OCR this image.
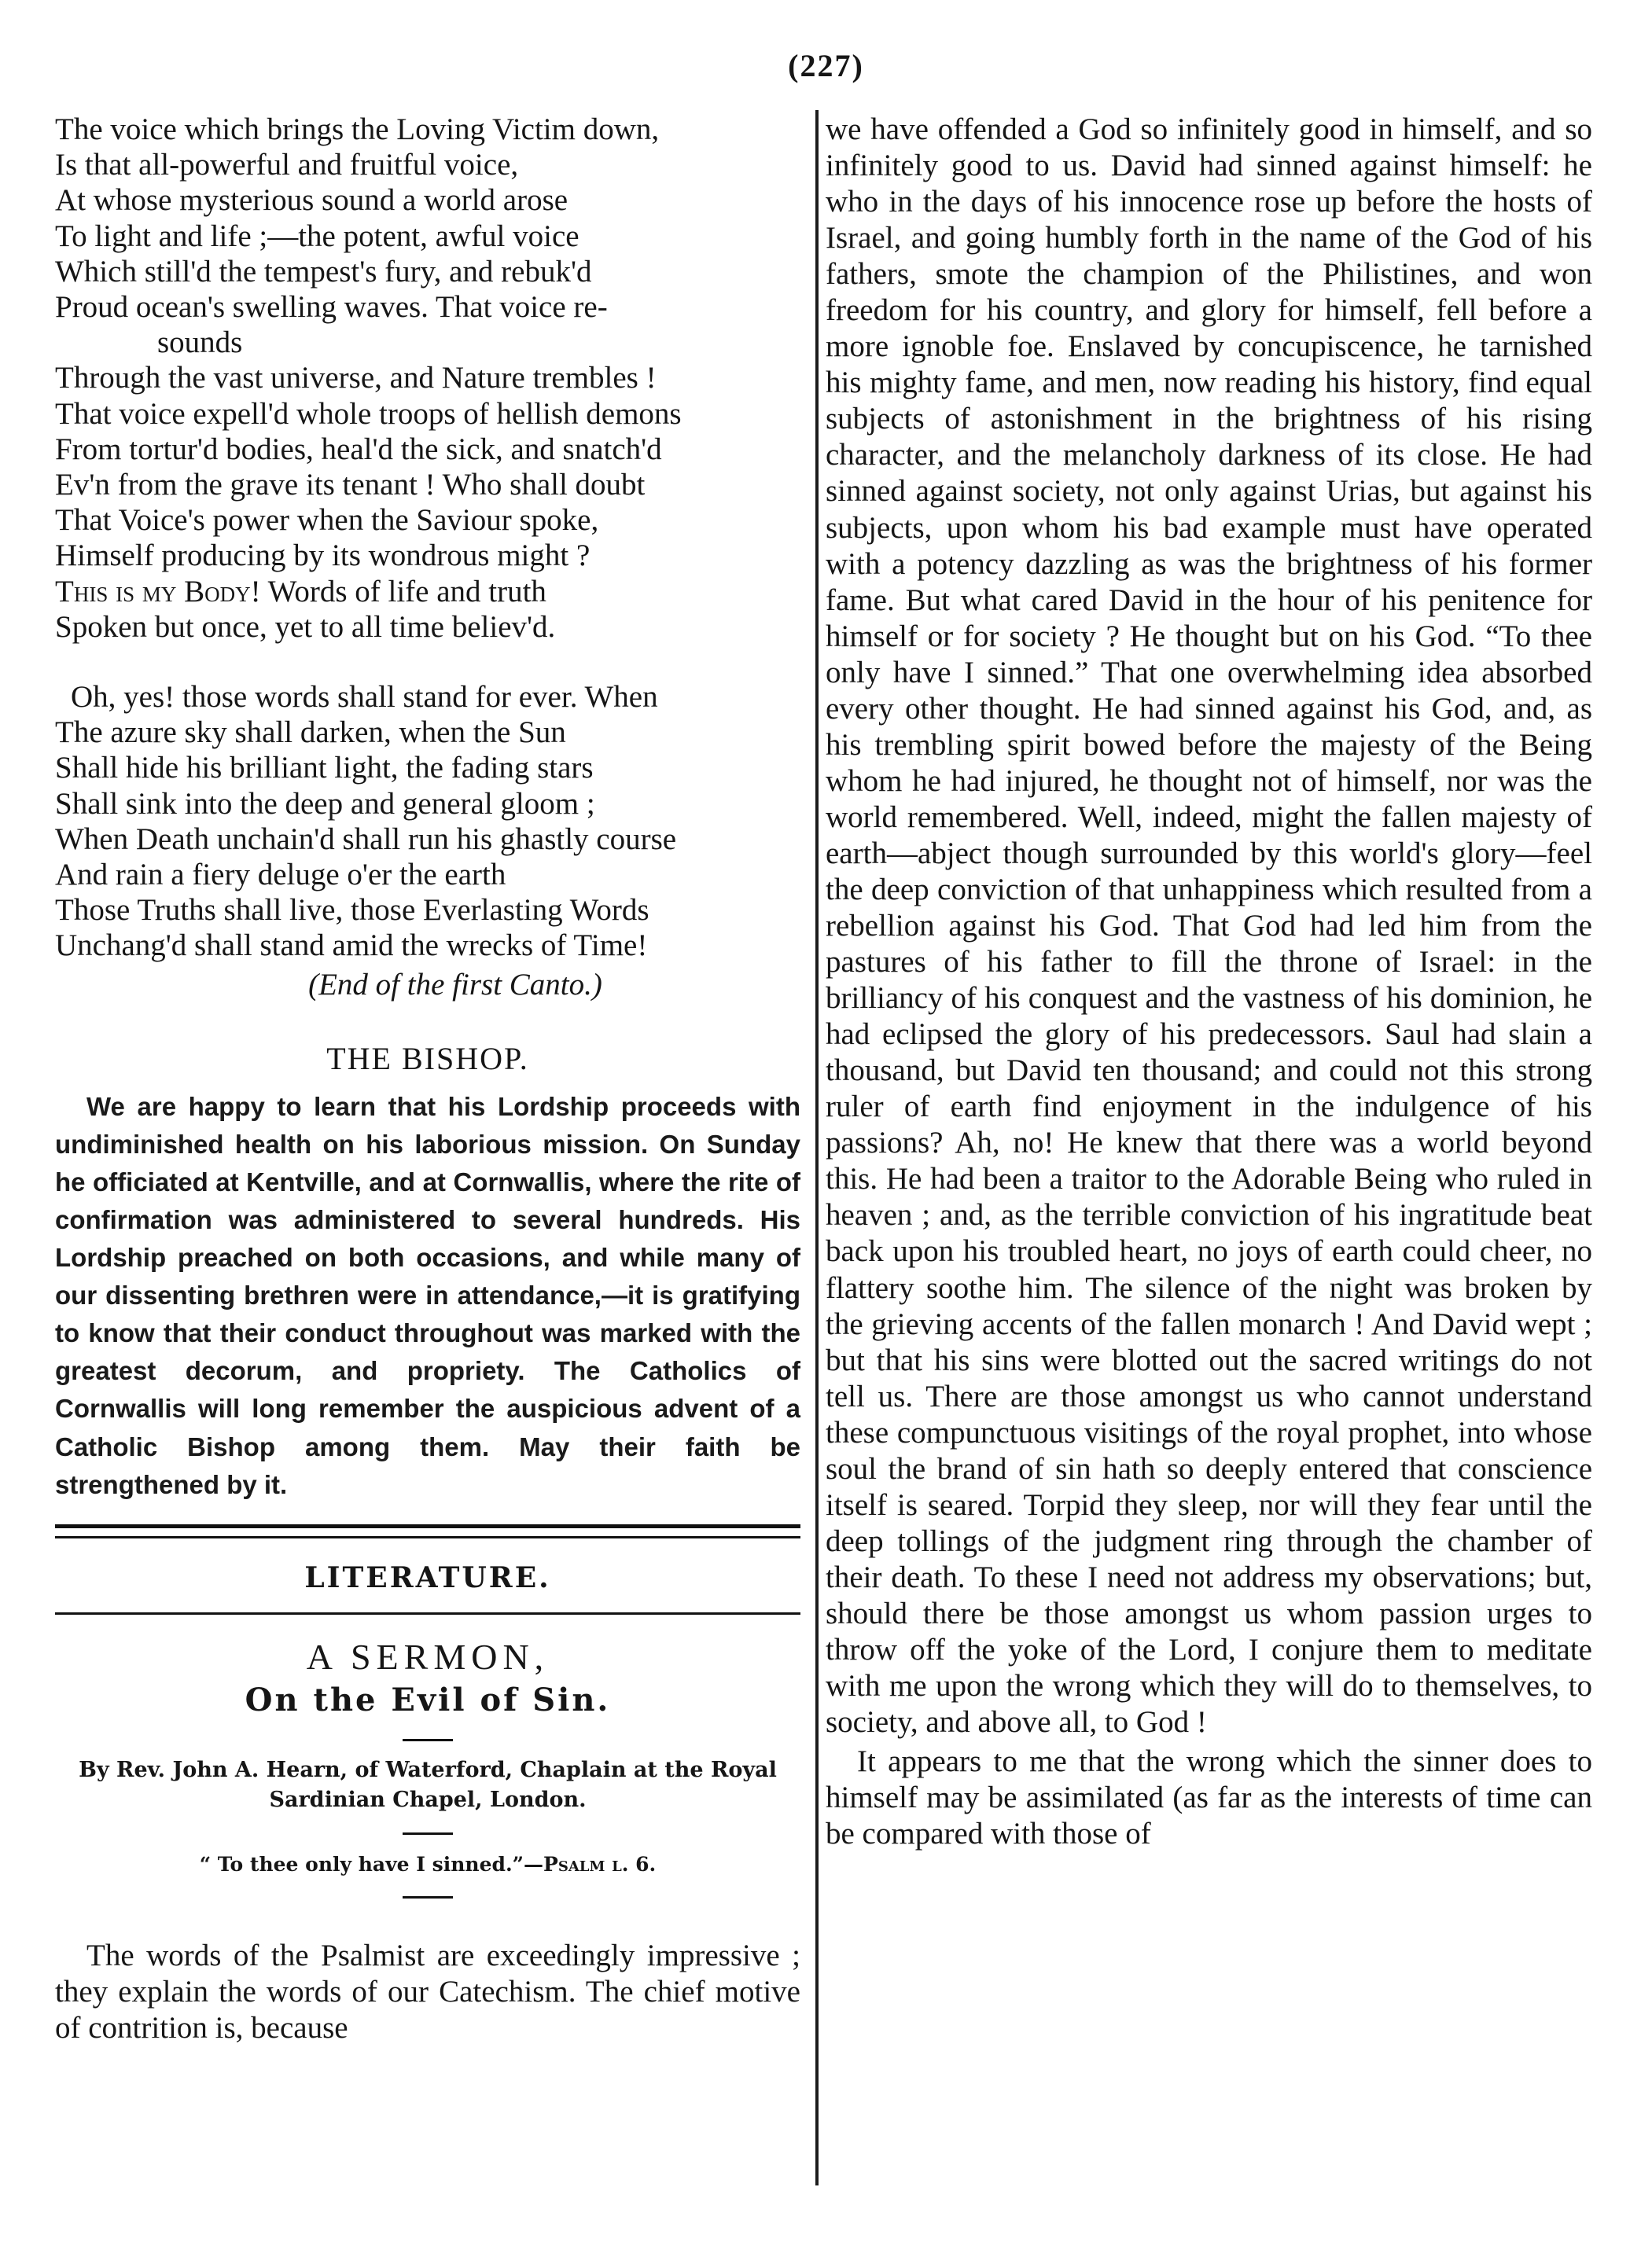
(227)
The voice which brings the Loving Victim down,
Is that all-powerful and fruitful voice,
At whose mysterious sound a world arose
To light and life ;—the potent, awful voice
Which still'd the tempest's fury, and rebuk'd
Proud ocean's swelling waves. That voice re-
sounds
Through the vast universe, and Nature trembles !
That voice expell'd whole troops of hellish demons
From tortur'd bodies, heal'd the sick, and snatch'd
Ev'n from the grave its tenant ! Who shall doubt
That Voice's power when the Saviour spoke,
Himself producing by its wondrous might ?
This is my Body! Words of life and truth
Spoken but once, yet to all time believ'd.
Oh, yes! those words shall stand for ever. When
The azure sky shall darken, when the Sun
Shall hide his brilliant light, the fading stars
Shall sink into the deep and general gloom ;
When Death unchain'd shall run his ghastly course
And rain a fiery deluge o'er the earth
Those Truths shall live, those Everlasting Words
Unchang'd shall stand amid the wrecks of Time!
(End of the first Canto.)
THE BISHOP.

We are happy to learn that his Lordship proceeds with undiminished health on his laborious mission. On Sunday he officiated at Kentville, and at Cornwallis, where the rite of confirmation was administered to several hundreds. His Lordship preached on both occasions, and while many of our dissenting brethren were in attendance,—it is gratifying to know that their conduct throughout was marked with the greatest decorum, and propriety. The Catholics of Cornwallis will long remember the auspicious advent of a Catholic Bishop among them. May their faith be strengthened by it.

LITERATURE.
A SERMON,
On the Evil of Sin.
By Rev. John A. Hearn, of Waterford, Chaplain at the Royal Sardinian Chapel, London.
“ To thee only have I sinned.”—Psalm l. 6.

The words of the Psalmist are exceedingly impressive ; they explain the words of our Catechism. The chief motive of contrition is, because

we have offended a God so infinitely good in himself, and so infinitely good to us. David had sinned against himself: he who in the days of his innocence rose up before the hosts of Israel, and going humbly forth in the name of the God of his fathers, smote the champion of the Philistines, and won freedom for his country, and glory for himself, fell before a more ignoble foe. Enslaved by concupiscence, he tarnished his mighty fame, and men, now reading his history, find equal subjects of astonishment in the brightness of his rising character, and the melancholy darkness of its close. He had sinned against society, not only against Urias, but against his subjects, upon whom his bad example must have operated with a potency dazzling as was the brightness of his former fame. But what cared David in the hour of his penitence for himself or for society ? He thought but on his God. “To thee only have I sinned.” That one overwhelming idea absorbed every other thought. He had sinned against his God, and, as his trembling spirit bowed before the majesty of the Being whom he had injured, he thought not of himself, nor was the world remembered. Well, indeed, might the fallen majesty of earth—abject though surrounded by this world's glory—feel the deep conviction of that unhappiness which resulted from a rebellion against his God. That God had led him from the pastures of his father to fill the throne of Israel: in the brilliancy of his conquest and the vastness of his dominion, he had eclipsed the glory of his predecessors. Saul had slain a thousand, but David ten thousand; and could not this strong ruler of earth find enjoyment in the indulgence of his passions? Ah, no! He knew that there was a world beyond this. He had been a traitor to the Adorable Being who ruled in heaven ; and, as the terrible conviction of his ingratitude beat back upon his troubled heart, no joys of earth could cheer, no flattery soothe him. The silence of the night was broken by the grieving accents of the fallen monarch ! And David wept ; but that his sins were blotted out the sacred writings do not tell us. There are those amongst us who cannot understand these compunctuous visitings of the royal prophet, into whose soul the brand of sin hath so deeply entered that conscience itself is seared. Torpid they sleep, nor will they fear until the deep tollings of the judgment ring through the chamber of their death. To these I need not address my observations; but, should there be those amongst us whom passion urges to throw off the yoke of the Lord, I conjure them to meditate with me upon the wrong which they will do to themselves, to society, and above all, to God !

It appears to me that the wrong which the sinner does to himself may be assimilated (as far as the interests of time can be compared with those of
